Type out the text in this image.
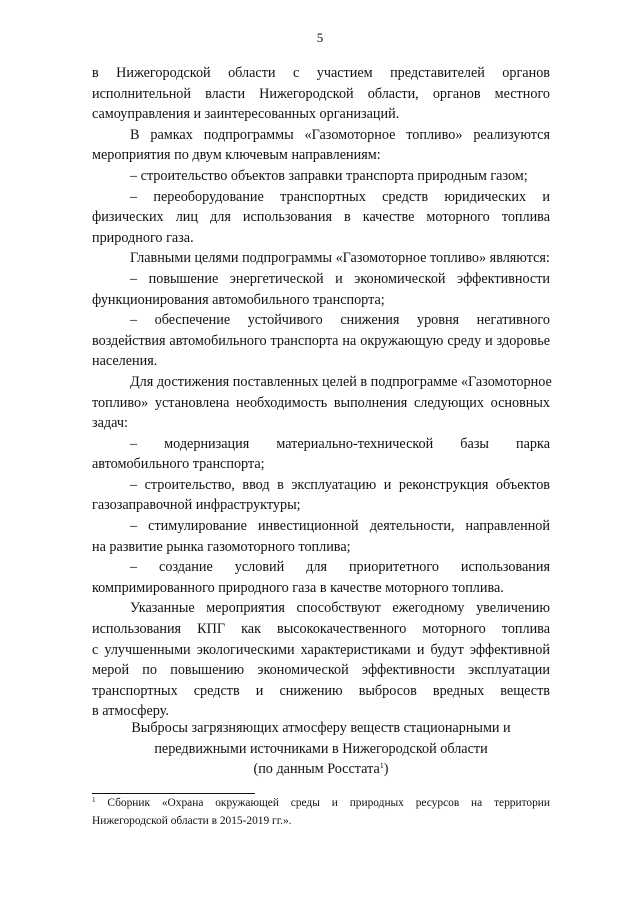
5
в Нижегородской области с участием представителей органов
исполнительной власти Нижегородской области, органов местного
самоуправления и заинтересованных организаций.
В рамках подпрограммы «Газомоторное топливо» реализуются
мероприятия по двум ключевым направлениям:
– строительство объектов заправки транспорта природным газом;
– переоборудование транспортных средств юридических и
физических лиц для использования в качестве моторного топлива
природного газа.
Главными целями подпрограммы «Газомоторное топливо» являются:
– повышение энергетической и экономической эффективности
функционирования автомобильного транспорта;
– обеспечение устойчивого снижения уровня негативного
воздействия автомобильного транспорта на окружающую среду и здоровье
населения.
Для достижения поставленных целей в подпрограмме «Газомоторное
топливо» установлена необходимость выполнения следующих основных
задач:
– модернизация материально-технической базы парка
автомобильного транспорта;
– строительство, ввод в эксплуатацию и реконструкция объектов
газозаправочной инфраструктуры;
– стимулирование инвестиционной деятельности, направленной
на развитие рынка газомоторного топлива;
– создание условий для приоритетного использования
компримированного природного газа в качестве моторного топлива.
Указанные мероприятия способствуют ежегодному увеличению
использования КПГ как высококачественного моторного топлива
с улучшенными экологическими характеристиками и будут эффективной
мерой по повышению экономической эффективности эксплуатации
транспортных средств и снижению выбросов вредных веществ
в атмосферу.
Выбросы загрязняющих атмосферу веществ стационарными и
передвижными источниками в Нижегородской области
(по данным Росстата$^1$)
$^1$ Сборник «Охрана окружающей среды и природных ресурсов на территории
Нижегородской области в 2015-2019 гг.».
